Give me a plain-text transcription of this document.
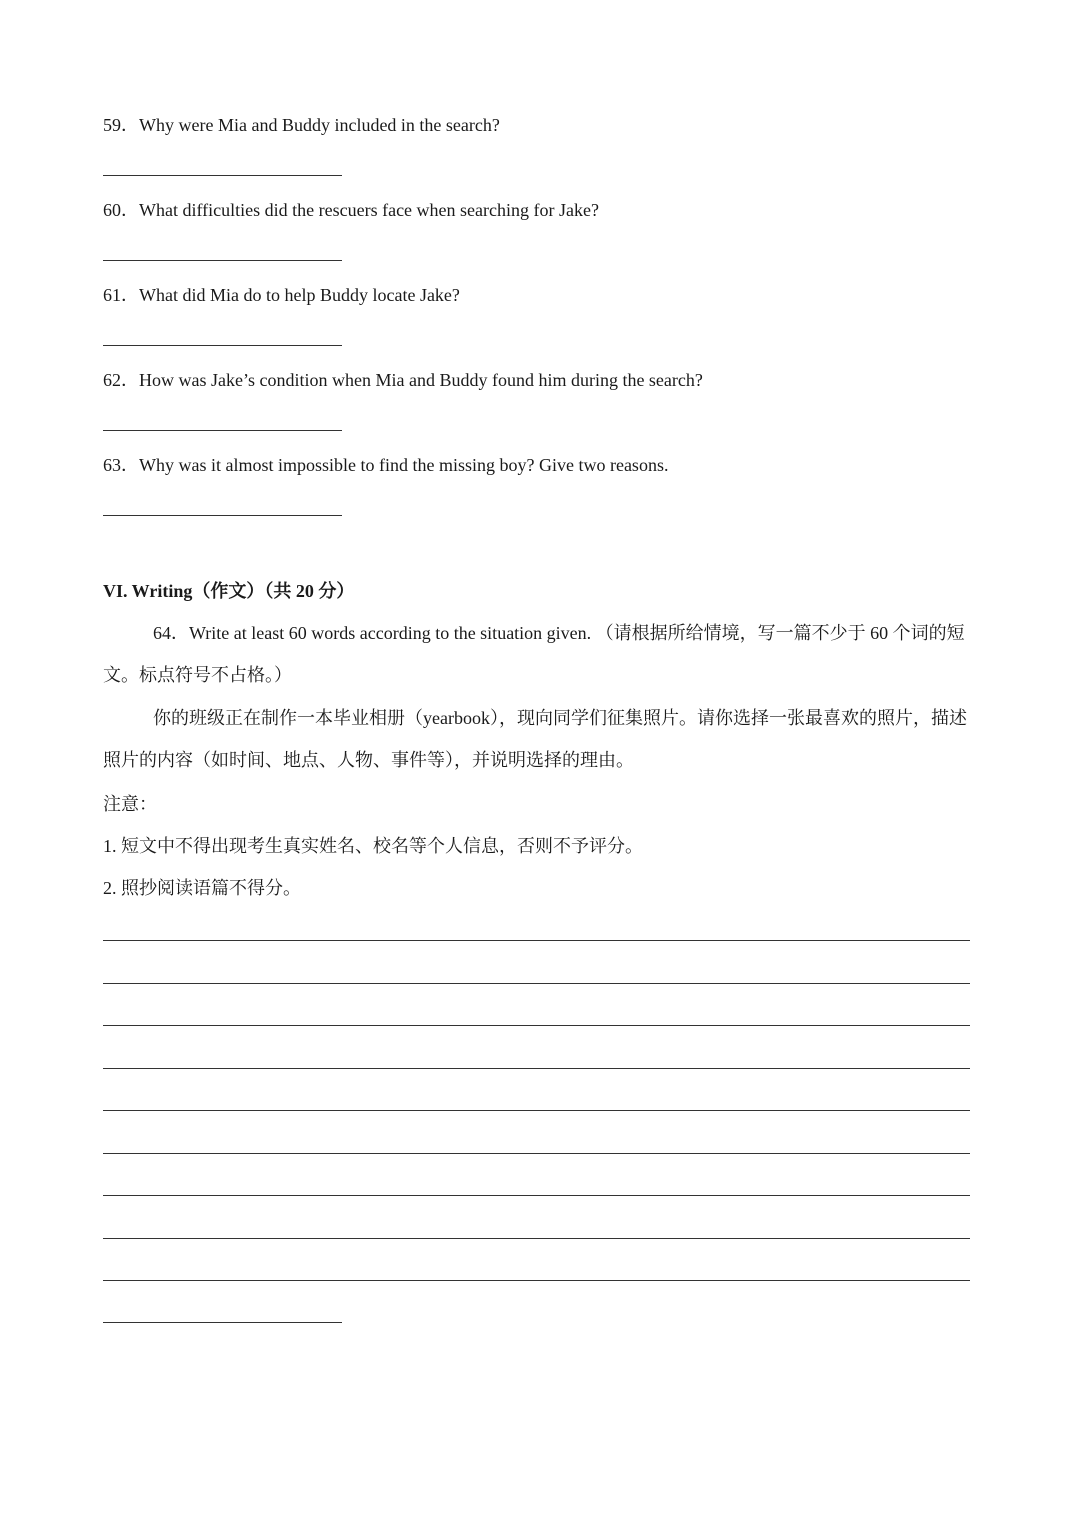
59．Why were Mia and Buddy included in the search?
60．What difficulties did the rescuers face when searching for Jake?
61．What did Mia do to help Buddy locate Jake?
62．How was Jake’s condition when Mia and Buddy found him during the search?
63．Why was it almost impossible to find the missing boy? Give two reasons.
VI. Writing（作文）（共 20 分）
64．Write at least 60 words according to the situation given. （请根据所给情境，写一篇不少于 60 个词的短文。标点符号不占格。）
你的班级正在制作一本毕业相册（yearbook），现向同学们征集照片。请你选择一张最喜欢的照片，描述照片的内容（如时间、地点、人物、事件等），并说明选择的理由。
注意：
1. 短文中不得出现考生真实姓名、校名等个人信息，否则不予评分。
2. 照抄阅读语篇不得分。
